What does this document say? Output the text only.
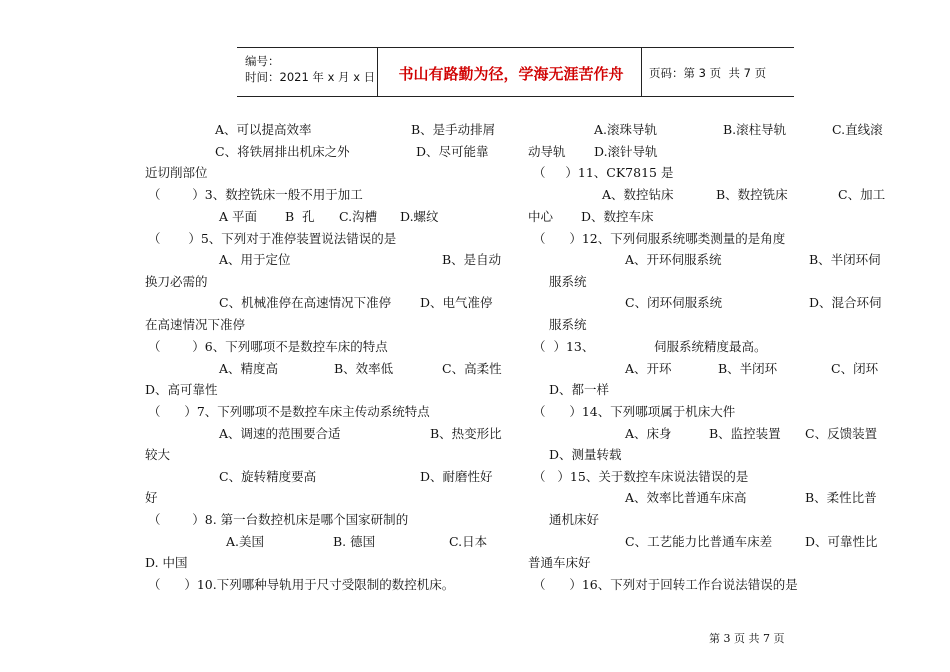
编号：
时间：2021 年 x 月 x 日	书山有路勤为径，学海无涯苦作舟	页码：第 3 页  共 7 页
A、可以提高效率	B、是手动排屑
C、将铁屑排出机床之外	D、尽可能靠
近切削部位
（        ）3、数控铣床一般不用于加工
A 平面 B  孔 C.沟槽 D.螺纹
（       ）5、下列对于准停装置说法错误的是
A、用于定位	B、是自动
换刀必需的
C、机械准停在高速情况下准停 D、电气准停
在高速情况下准停
（        ）6、下列哪项不是数控车床的特点
A、精度高	B、效率低	C、高柔性
D、高可靠性
（      ）7、下列哪项不是数控车床主传动系统特点
A、调速的范围要合适	B、热变形比
较大
C、旋转精度要高	D、耐磨性好
好
（        ）8. 第一台数控机床是哪个国家研制的
A.美国	B. 德国	C.日本
D. 中国
（      ）10.下列哪种导轨用于尺寸受限制的数控机床。
A.滚珠导轨	B.滚柱导轨	C.直线滚
动导轨 D.滚针导轨
（     ）11、CK7815 是
A、数控钻床	B、数控铣床	C、加工
中心 D、数控车床
（      ）12、下列伺服系统哪类测量的是角度
A、开环伺服系统	B、半闭环伺
服系统
C、闭环伺服系统	D、混合环伺
服系统
（  ）13、               伺服系统精度最高。
A、开环	B、半闭环	C、闭环
D、都一样
（      ）14、下列哪项属于机床大件
A、床身	B、监控装置 C、反馈装置
D、测量转载
（   ）15、关于数控车床说法错误的是
A、效率比普通车床高	B、柔性比普
通机床好
C、工艺能力比普通车床差	D、可靠性比
普通车床好
（      ）16、下列对于回转工作台说法错误的是
第 3 页 共 7 页
